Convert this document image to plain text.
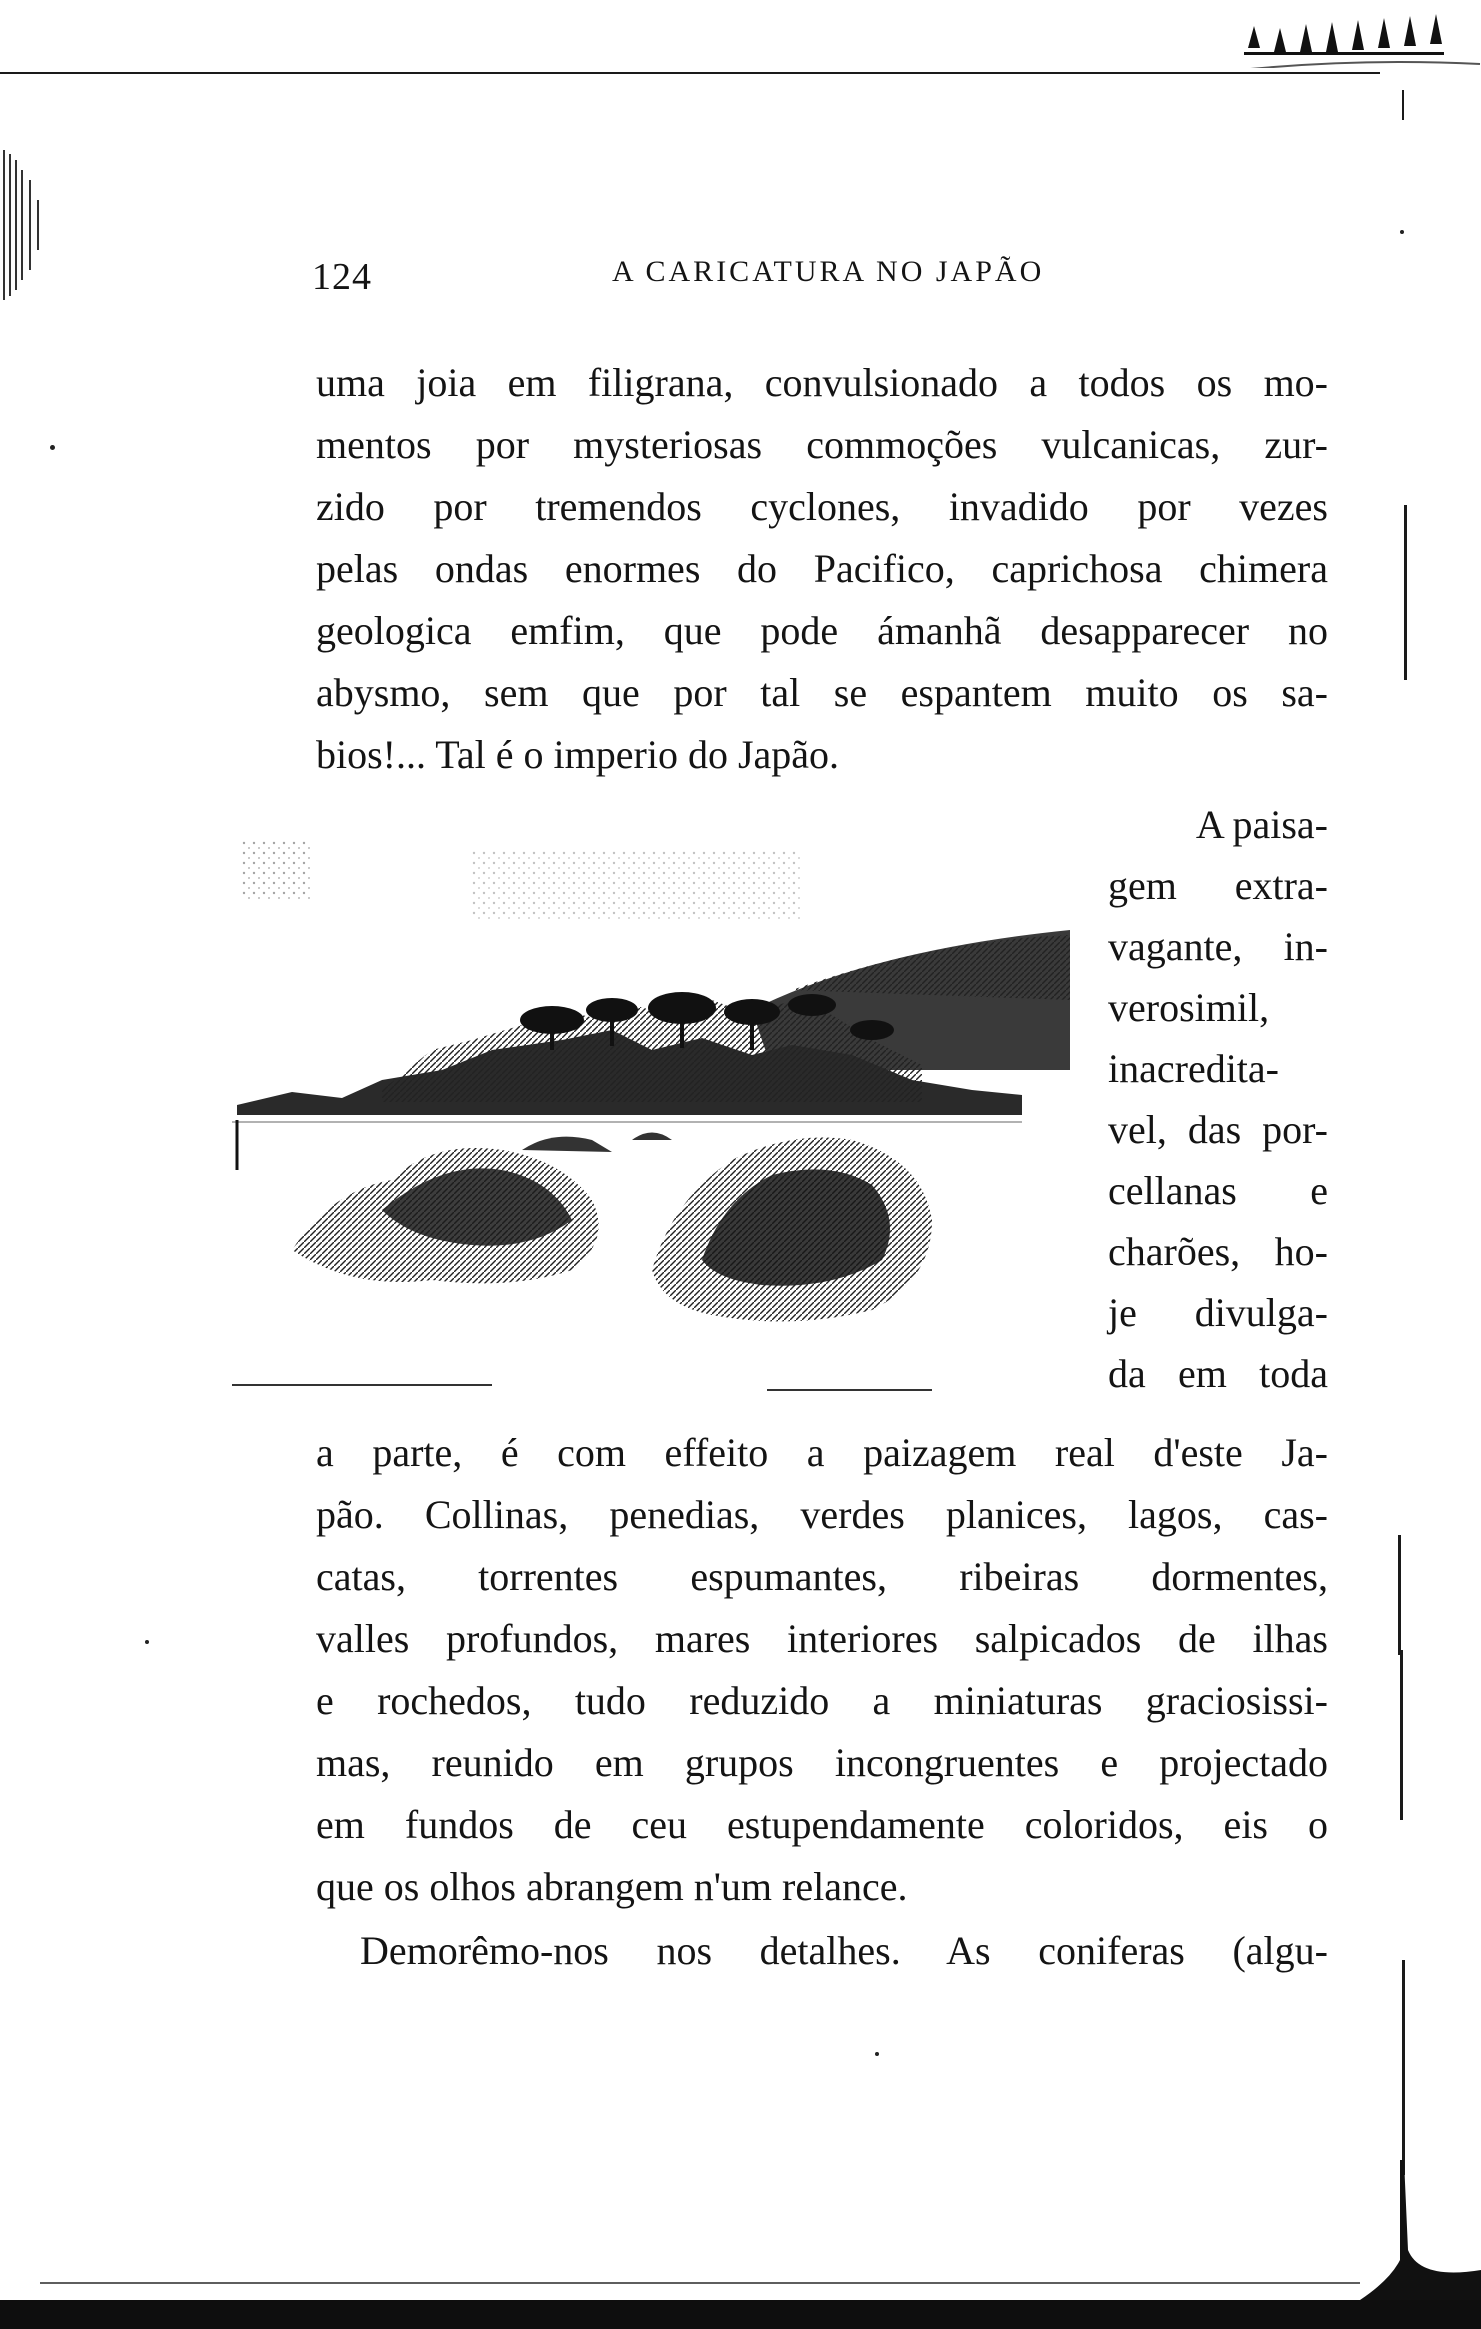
124	A CARICATURA NO JAPÃO
uma joia em filigrana, convulsionado a todos os mo-
mentos por mysteriosas commoções vulcanicas, zur-
zido por tremendos cyclones, invadido por vezes
pelas ondas enormes do Pacifico, caprichosa chimera
geologica emfim, que pode ámanhã desapparecer no
abysmo, sem que por tal se espantem muito os sa-
bios!... Tal é o imperio do Japão.
A paisa-
gem extra-
vagante, in-
verosimil,
inacredita-
vel, das por-
cellanas e
charões, ho-
je divulga-
da em toda
a parte, é com effeito a paizagem real d'este Ja-
pão. Collinas, penedias, verdes planices, lagos, cas-
catas, torrentes espumantes, ribeiras dormentes,
valles profundos, mares interiores salpicados de ilhas
e rochedos, tudo reduzido a miniaturas graciosissi-
mas, reunido em grupos incongruentes e projectado
em fundos de ceu estupendamente coloridos, eis o
que os olhos abrangem n'um relance.
Demorêmo-nos nos detalhes. As coniferas (algu-
